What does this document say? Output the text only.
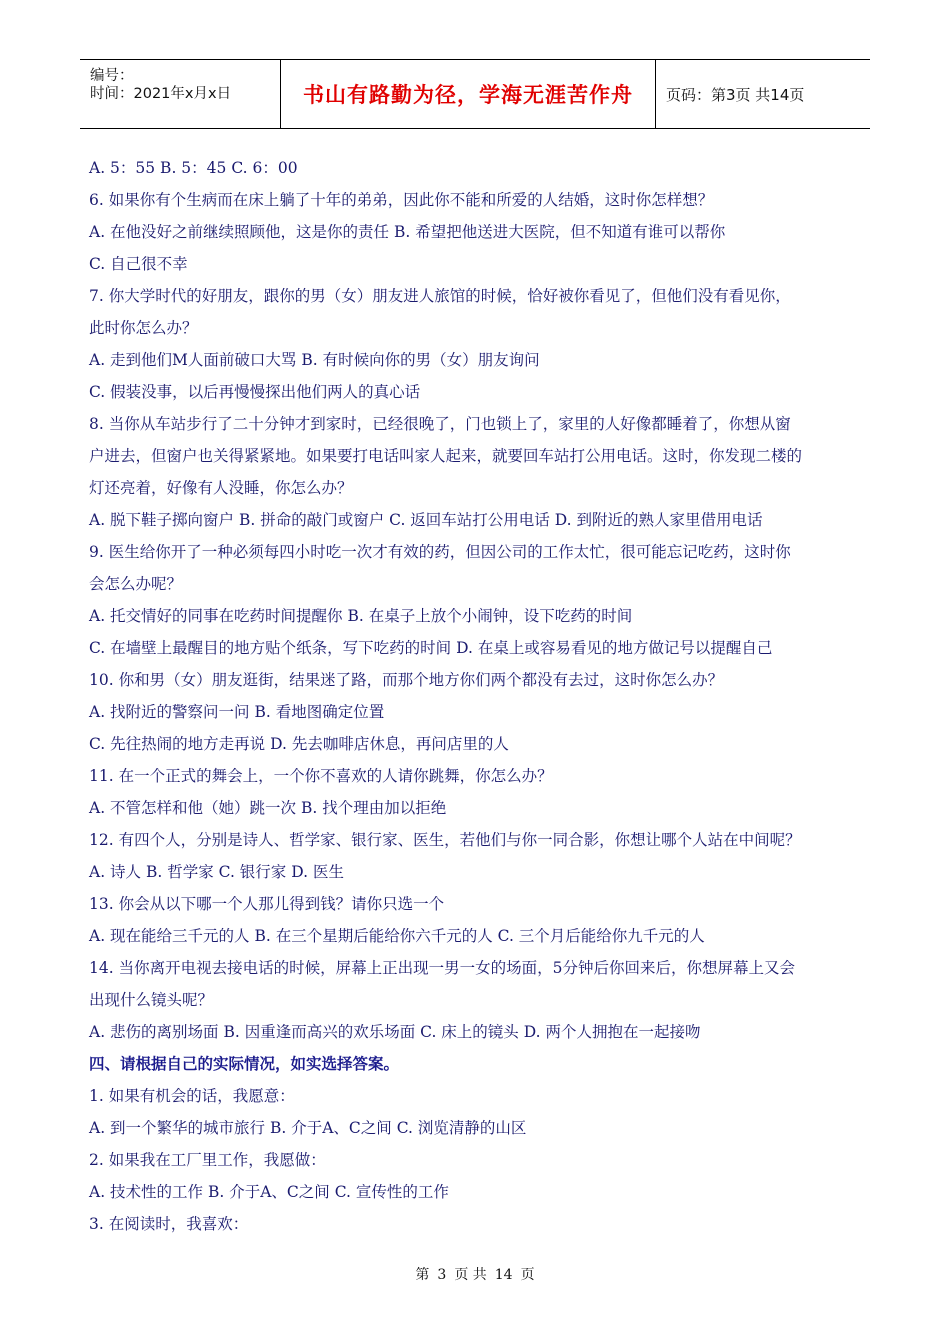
编号：
时间：2021年x月x日	书山有路勤为径，学海无涯苦作舟 页码：第3页 共14页
A. 5：55 B. 5：45 C. 6：00
6. 如果你有个生病而在床上躺了十年的弟弟，因此你不能和所爱的人结婚，这时你怎样想？
A. 在他没好之前继续照顾他，这是你的责任 B. 希望把他送进大医院，但不知道有谁可以帮你
C. 自己很不幸
7. 你大学时代的好朋友，跟你的男（女）朋友进人旅馆的时候，恰好被你看见了，但他们没有看见你，
此时你怎么办？
A. 走到他们M人面前破口大骂 B. 有时候向你的男（女）朋友询问
C. 假装没事，以后再慢慢探出他们两人的真心话
8. 当你从车站步行了二十分钟才到家时，已经很晚了，门也锁上了，家里的人好像都睡着了，你想从窗
户进去，但窗户也关得紧紧地。如果要打电话叫家人起来，就要回车站打公用电话。这时，你发现二楼的
灯还亮着，好像有人没睡，你怎么办？
A. 脱下鞋子掷向窗户 B. 拼命的敲门或窗户 C. 返回车站打公用电话 D. 到附近的熟人家里借用电话
9. 医生给你开了一种必须每四小时吃一次才有效的药，但因公司的工作太忙，很可能忘记吃药，这时你
会怎么办呢？
A. 托交情好的同事在吃药时间提醒你 B. 在桌子上放个小闹钟，设下吃药的时间
C. 在墙壁上最醒目的地方贴个纸条，写下吃药的时间 D. 在桌上或容易看见的地方做记号以提醒自己
10. 你和男（女）朋友逛街，结果迷了路，而那个地方你们两个都没有去过，这时你怎么办？
A. 找附近的警察问一问 B. 看地图确定位置
C. 先往热闹的地方走再说 D. 先去咖啡店休息，再问店里的人
11. 在一个正式的舞会上，一个你不喜欢的人请你跳舞，你怎么办？
A. 不管怎样和他（她）跳一次 B. 找个理由加以拒绝
12. 有四个人，分别是诗人、哲学家、银行家、医生，若他们与你一同合影，你想让哪个人站在中间呢？
A. 诗人 B. 哲学家 C. 银行家 D. 医生
13. 你会从以下哪一个人那儿得到钱？请你只选一个
A. 现在能给三千元的人 B. 在三个星期后能给你六千元的人 C. 三个月后能给你九千元的人
14. 当你离开电视去接电话的时候，屏幕上正出现一男一女的场面，5分钟后你回来后，你想屏幕上又会
出现什么镜头呢？
A. 悲伤的离别场面 B. 因重逢而高兴的欢乐场面 C. 床上的镜头 D. 两个人拥抱在一起接吻
四、请根据自己的实际情况，如实选择答案。
1. 如果有机会的话，我愿意：
A. 到一个繁华的城市旅行 B. 介于A、C之间 C. 浏览清静的山区
2. 如果我在工厂里工作，我愿做：
A. 技术性的工作 B. 介于A、C之间 C. 宣传性的工作
3. 在阅读时，我喜欢：
第 3 页 共 14 页
